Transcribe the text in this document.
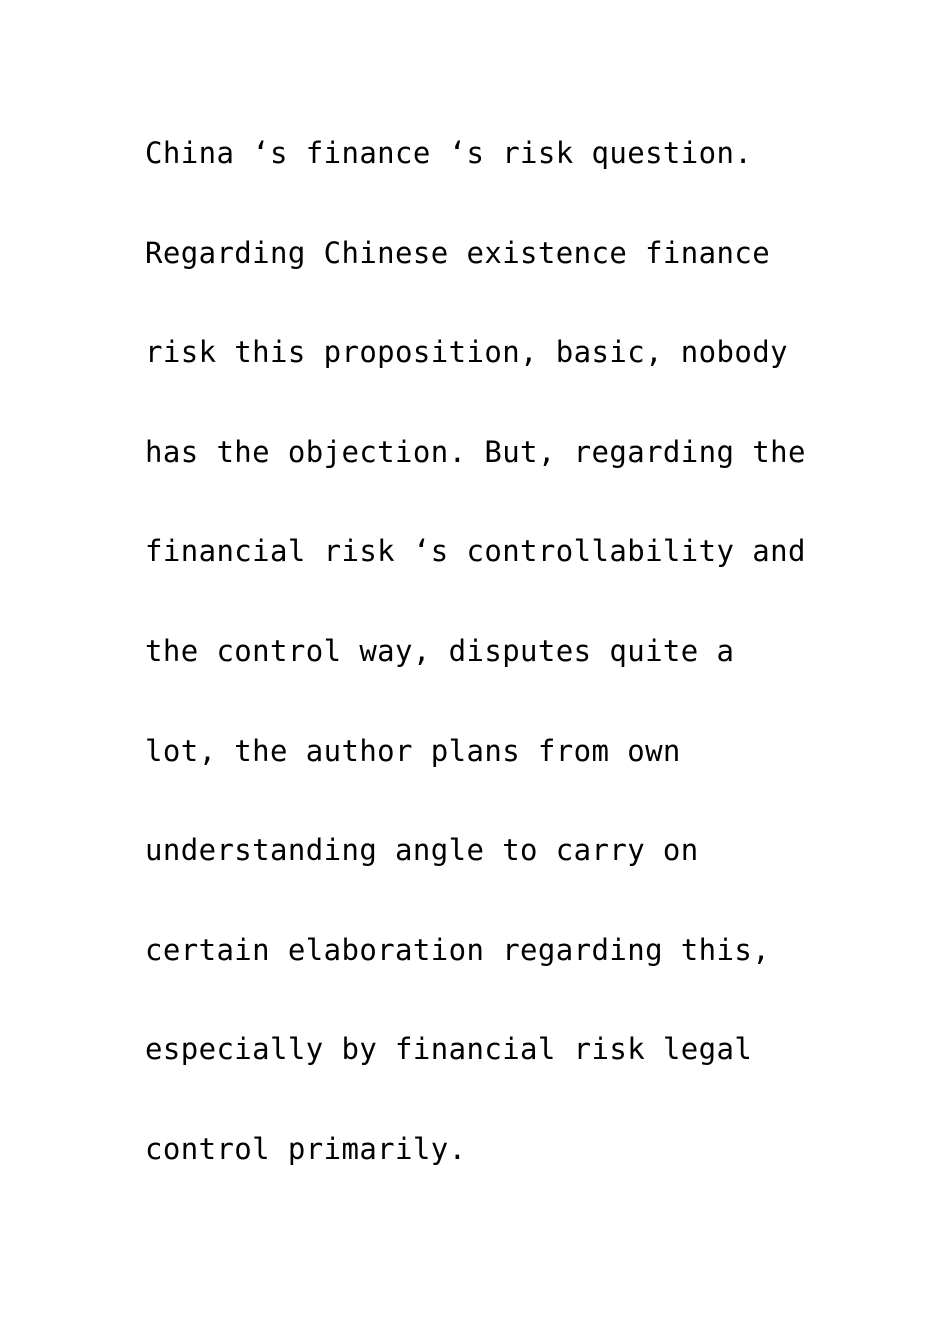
China ‘s finance ‘s risk question.
Regarding Chinese existence finance
risk this proposition, basic, nobody
has the objection. But, regarding the
financial risk ‘s controllability and
the control way, disputes quite a
lot, the author plans from own
understanding angle to carry on
certain elaboration regarding this,
especially by financial risk legal
control primarily.
